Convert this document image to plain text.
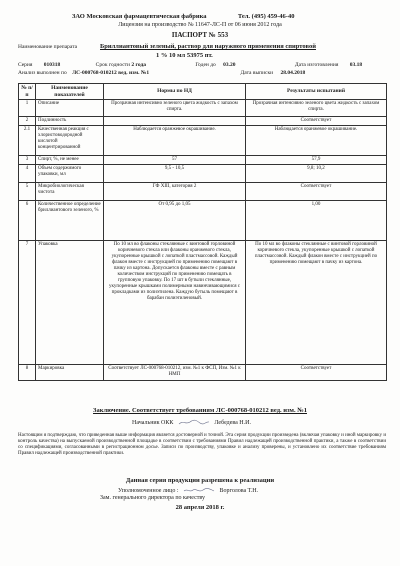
ЗАО Московская фармацевтическая фабрика	Тел. (495) 459-46-40
Лицензия на производство № 11647-ЛС-П от 06 июня 2012 года
ПАСПОРТ № 553
Наименование препарата	Бриллиантовый зеленый, раствор для наружного применения спиртовой
1 % 10 мл 53975 пт.
Серия 010318	Срок годности 2 года	Годен до 03.20	Дата изготовления 03.18
Анализ выполнен по ЛС-000768-010212 вед. изм. №1	Дата выписки 28.04.2018
№ п/п	Наименование показателей	Нормы по НД	Результаты испытаний
1	Описание	Прозрачная интенсивно зеленого цвета жидкость с запахом спирта.	Прозрачная интенсивно зеленого цвета жидкость с запахом спирта.
2	Подлинность		Соответствует
2.1	Качественная реакция с хлористоводородной кислотой концентрированной	Наблюдается оранжевое окрашивание.	Наблюдается оранжевое окрашивание.
3	Спирт, %, не менее	57	57,9
4	Объем содержимого упаковки, мл	9,5 - 10,5	9,8; 10,2
5	Микробиологическая чистота	ГФ XIII, категория 2	Соответствует
6	Количественное определение бриллиантового зеленого, %	От 0,95 до 1,05	1,00
7	Упаковка	По 10 мл во флаконы стеклянные с винтовой горловиной коричневого стекла или флаконы оранжевого стекла, укупоренные крышкой с лопаткой пластмассовой. Каждый флакон вместе с инструкцией по применению помещают в пачку из картона. Допускается флаконы вместе с равным количеством инструкций по применению помещать в групповую упаковку. По 17 шт в бутыли стеклянные, укупоренные крышками полимерными навинчивающимися с прокладками из полиэтилена. Каждую бутыль помещают в барабан полиэтиленовый.	По 10 мл во флаконы стеклянные с винтовой горловиной коричневого стекла, укупоренные крышкой с лопаткой пластмассовой. Каждый флакон вместе с инструкцией по применению помещают в пачку из картона.
8	Маркировка	Соответствует ЛС-000768-010212, изм. №1 к ФСП, Изм. №1 к НМП	Соответствует
Заключение. Соответствует требованиям ЛС-000768-010212 вед. изм. №1
Начальник ОКК	Лебедева Н.И.
Настоящим я подтверждаю, что приведенная выше информация является достоверной и точной. Эта серия продукции произведена (включая упаковку и иной маркировку и контроль качества) на выпускаемой производственной площадке в соответствии с требованиями Правил надлежащей производственной практики, а также в соответствии со спецификациями, согласованными в регистрационном досье. Записи по производству, упаковке и анализу проверены, и установлено их соответствие требованиям Правил надлежащей производственной практики.
Данная серия продукции разрешена к реализации
Уполномоченное лицо :	Ворголова Т.Н.
Зам. генерального директора по качеству
28 апреля 2018 г.
